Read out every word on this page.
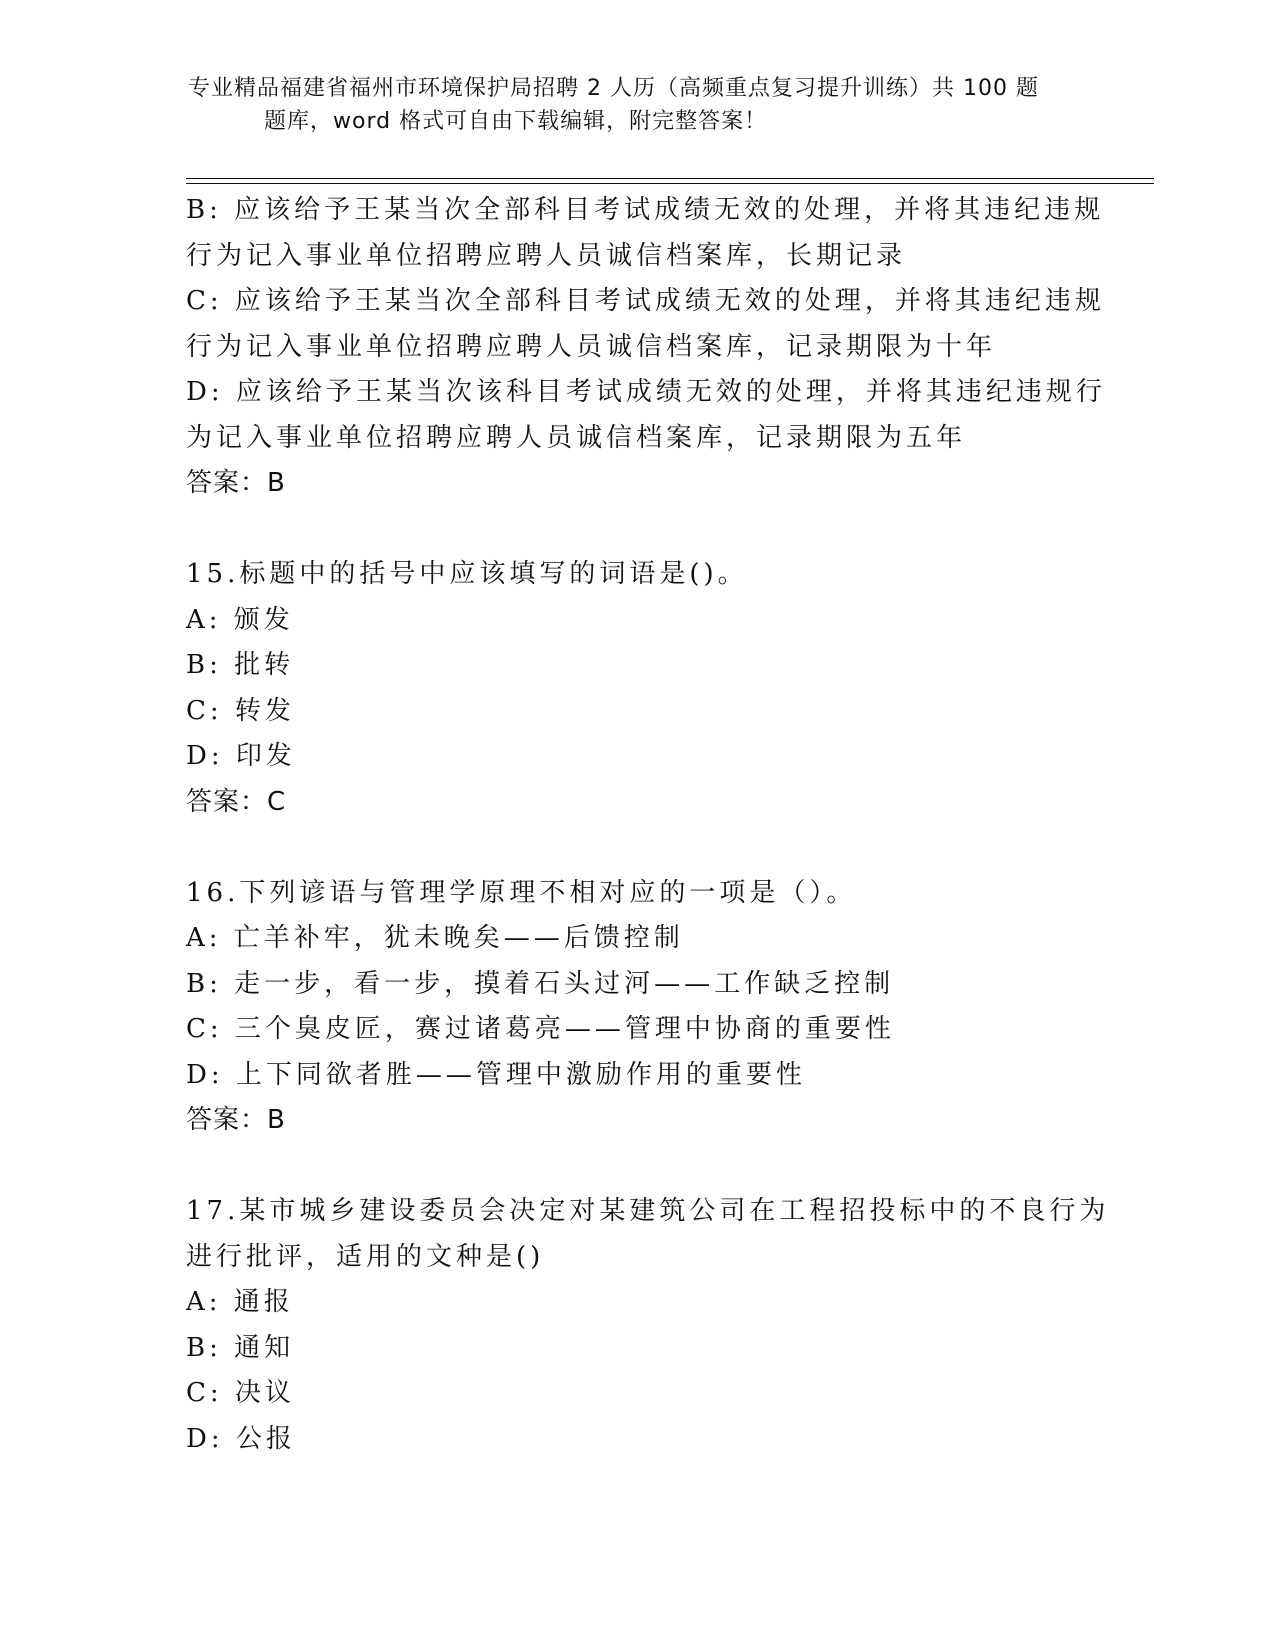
专业精品福建省福州市环境保护局招聘 2 人历（高频重点复习提升训练）共 100 题
题库，word 格式可自由下载编辑，附完整答案！
B: 应该给予王某当次全部科目考试成绩无效的处理，并将其违纪违规
行为记入事业单位招聘应聘人员诚信档案库，长期记录
C: 应该给予王某当次全部科目考试成绩无效的处理，并将其违纪违规
行为记入事业单位招聘应聘人员诚信档案库，记录期限为十年
D: 应该给予王某当次该科目考试成绩无效的处理，并将其违纪违规行
为记入事业单位招聘应聘人员诚信档案库，记录期限为五年
答案：B
15.标题中的括号中应该填写的词语是()。
A: 颁发
B: 批转
C: 转发
D: 印发
答案：C
16.下列谚语与管理学原理不相对应的一项是（）。
A: 亡羊补牢，犹未晚矣——后馈控制
B: 走一步，看一步，摸着石头过河——工作缺乏控制
C: 三个臭皮匠，赛过诸葛亮——管理中协商的重要性
D: 上下同欲者胜——管理中激励作用的重要性
答案：B
17.某市城乡建设委员会决定对某建筑公司在工程招投标中的不良行为
进行批评，适用的文种是()
A: 通报
B: 通知
C: 决议
D: 公报
